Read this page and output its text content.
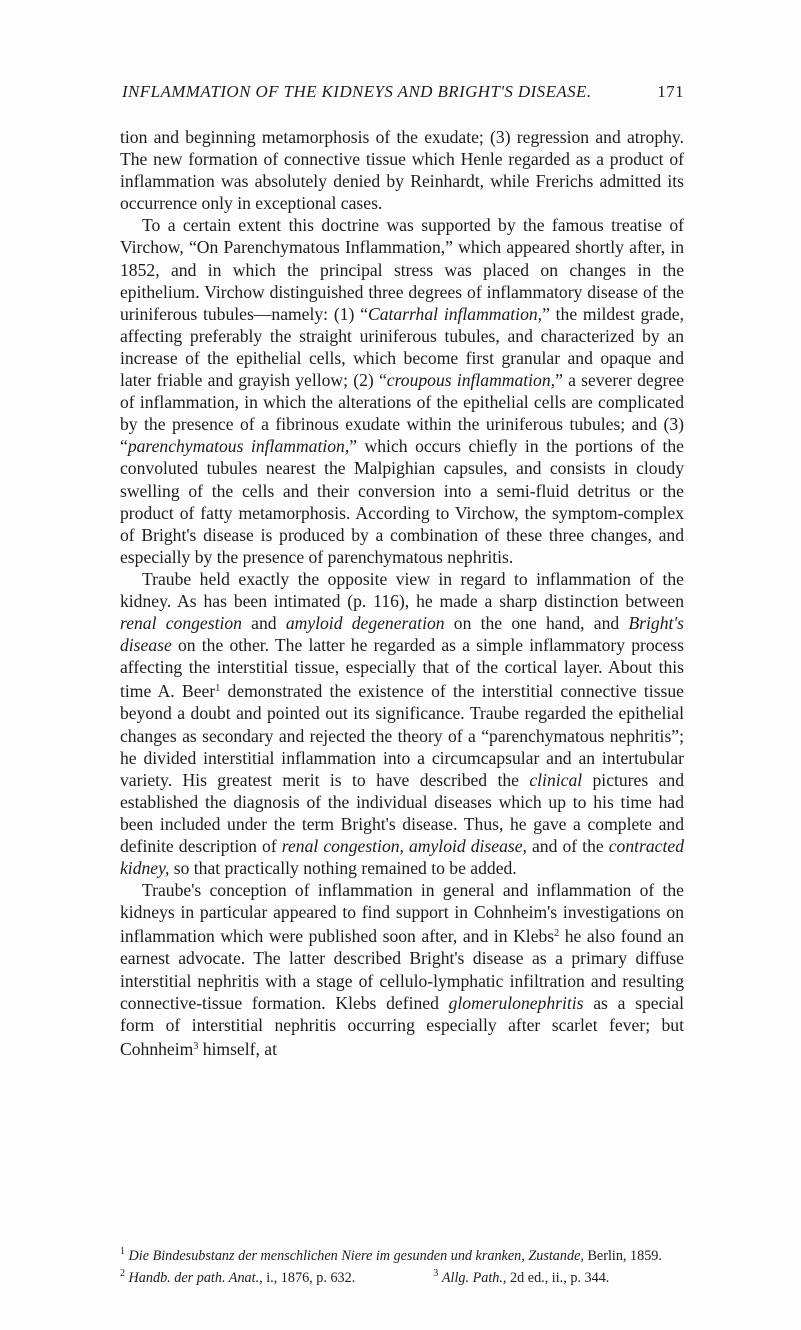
INFLAMMATION OF THE KIDNEYS AND BRIGHT'S DISEASE.	171

tion and beginning metamorphosis of the exudate; (3) regression and atrophy. The new formation of connective tissue which Henle regarded as a product of inflammation was absolutely denied by Reinhardt, while Frerichs admitted its occurrence only in exceptional cases.

To a certain extent this doctrine was supported by the famous treatise of Virchow, “On Parenchymatous Inflammation,” which appeared shortly after, in 1852, and in which the principal stress was placed on changes in the epithelium. Virchow distinguished three degrees of inflammatory disease of the uriniferous tubules—namely: (1) “Catarrhal inflammation,” the mildest grade, affecting preferably the straight uriniferous tubules, and characterized by an increase of the epithelial cells, which become first granular and opaque and later friable and grayish yellow; (2) “croupous inflammation,” a severer degree of inflammation, in which the alterations of the epithelial cells are complicated by the presence of a fibrinous exudate within the uriniferous tubules; and (3) “parenchymatous inflammation,” which occurs chiefly in the portions of the convoluted tubules nearest the Malpighian capsules, and consists in cloudy swelling of the cells and their conversion into a semi-fluid detritus or the product of fatty metamorphosis. According to Virchow, the symptom-complex of Bright's disease is produced by a combination of these three changes, and especially by the presence of parenchymatous nephritis.

Traube held exactly the opposite view in regard to inflammation of the kidney. As has been intimated (p. 116), he made a sharp distinction between renal congestion and amyloid degeneration on the one hand, and Bright's disease on the other. The latter he regarded as a simple inflammatory process affecting the interstitial tissue, especially that of the cortical layer. About this time A. Beer$^1$ demonstrated the existence of the interstitial connective tissue beyond a doubt and pointed out its significance. Traube regarded the epithelial changes as secondary and rejected the theory of a “parenchymatous nephritis”; he divided interstitial inflammation into a circumcapsular and an intertubular variety. His greatest merit is to have described the clinical pictures and established the diagnosis of the individual diseases which up to his time had been included under the term Bright's disease. Thus, he gave a complete and definite description of renal congestion, amyloid disease, and of the contracted kidney, so that practically nothing remained to be added.

Traube's conception of inflammation in general and inflammation of the kidneys in particular appeared to find support in Cohnheim's investigations on inflammation which were published soon after, and in Klebs$^2$ he also found an earnest advocate. The latter described Bright's disease as a primary diffuse interstitial nephritis with a stage of cellulo-lymphatic infiltration and resulting connective-tissue formation. Klebs defined glomerulonephritis as a special form of interstitial nephritis occurring especially after scarlet fever; but Cohnheim$^3$ himself, at

$^1$ Die Bindesubstanz der menschlichen Niere im gesunden und kranken, Zustande, Berlin, 1859.
$^2$ Handb. der path. Anat., i., 1876, p. 632.	$^3$ Allg. Path., 2d ed., ii., p. 344.
